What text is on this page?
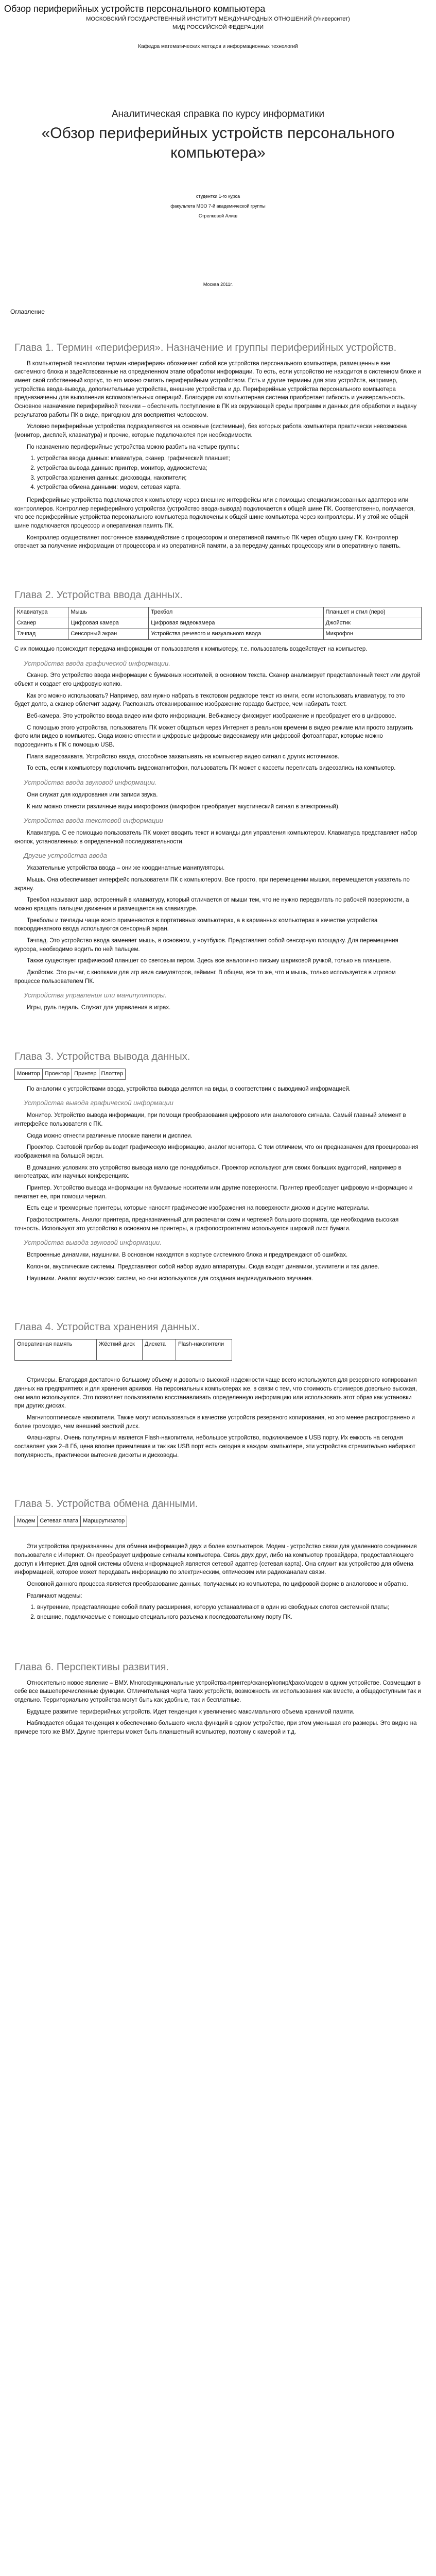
Обзор периферийных устройств персонального компьютера
МОСКОВСКИЙ ГОСУДАРСТВЕННЫЙ ИНСТИТУТ МЕЖДУНАРОДНЫХ ОТНОШЕНИЙ (Университет)
МИД РОССИЙСКОЙ ФЕДЕРАЦИИ
Кафедра математических методов и информационных технологий
Аналитическая справка по курсу информатики
«Обзор периферийных устройств персонального компьютера»
студентки 1-го курса
факультета МЭО 7-й академической группы
Стрелковой Алиш
Москва 2011г.
Оглавление
Глава 1. Термин «периферия». Назначение и группы периферийных устройств.

В компьютерной технологии термин «периферия» обозначает собой все устройства персонального компьютера, размещенные вне системного блока и задействованные на определенном этапе обработки информации. То есть, если устройство не находится в системном блоке и имеет свой собственный корпус, то его можно считать периферийным устройством. Есть и другие термины для этих устройств, например, устройства ввода-вывода, дополнительные устройства, внешние устройства и др. Периферийные устройства персонального компьютера предназначены для выполнения вспомогательных операций. Благодаря им компьютерная система приобретает гибкость и универсальность. Основное назначение периферийной техники – обеспечить поступление в ПК из окружающей среды программ и данных для обработки и выдачу результатов работы ПК в виде, пригодном для восприятия человеком.

Условно периферийные устройства подразделяются на основные (системные), без которых работа компьютера практически невозможна (монитор, дисплей, клавиатура) и прочие, которые подключаются при необходимости.

По назначению периферийные устройства можно разбить на четыре группы:

1. устройства ввода данных: клавиатура, сканер, графический планшет;
2. устройства вывода данных: принтер, монитор, аудиосистема;
3. устройства хранения данных: дисководы, накопители;
4. устройства обмена данными: модем, сетевая карта.

Периферийные устройства подключаются к компьютеру через внешние интерфейсы или с помощью специализированных адаптеров или контроллеров. Контроллер периферийного устройства (устройство ввода-вывода) подключается к общей шине ПК. Соответственно, получается, что все периферийные устройства персонального компьютера подключены к общей шине компьютера через контроллеры. И у этой же общей шине подключается процессор и оперативная память ПК.

Контроллер осуществляет постоянное взаимодействие с процессором и оперативной памятью ПК через общую шину ПК. Контроллер отвечает за получение информации от процессора и из оперативной памяти, а за передачу данных процессору или в оперативную память.

Глава 2. Устройства ввода данных.
Клавиатура	Мышь	Трекбол	Планшет и стил (перо)
Сканер	Цифровая камера	Цифровая видеокамера	Джойстик
Тачпад	Сенсорный экран	Устройства речевого и визуального ввода	Микрофон

С их помощью происходит передача информации от пользователя к компьютеру, т.е. пользователь воздействует на компьютер.

Устройства ввода графической информации.

Сканер. Это устройство ввода информации с бумажных носителей, в основном текста. Сканер анализирует представленный текст или другой объект и создает его цифровую копию.

Как это можно использовать? Например, вам нужно набрать в текстовом редакторе текст из книги, если использовать клавиатуру, то это будет долго, а сканер облегчит задачу. Распознать отсканированное изображение гораздо быстрее, чем набирать текст.

Веб-камера. Это устройство ввода видео или фото информации. Веб-камеру фиксирует изображение и преобразует его в цифровое.

С помощью этого устройства, пользователь ПК может общаться через Интернет в реальном времени в видео режиме или просто загрузить фото или видео в компьютер. Сюда можно отнести и цифровые цифровые видеокамеру или цифровой фотоаппарат, которые можно подсоединить к ПК с помощью USB.

Плата видеозахвата. Устройство ввода, способное захватывать на компьютер видео сигнал с других источников.

То есть, если к компьютеру подключить видеомагнитофон, пользователь ПК может с кассеты переписать видеозапись на компьютер.

Устройства ввода звуковой информации.

Они служат для кодирования или записи звука.

К ним можно отнести различные виды микрофонов (микрофон преобразует акустический сигнал в электронный).

Устройства ввода текстовой информации

Клавиатура. С ее помощью пользователь ПК может вводить текст и команды для управления компьютером. Клавиатура представляет набор кнопок, установленных в определенной последовательности.

Другие устройства ввода

Указательные устройства ввода – они же координатные манипуляторы.

Мышь. Она обеспечивает интерфейс пользователя ПК с компьютером. Все просто, при перемещении мышки, перемещается указатель по экрану.

Трекбол называют шар, встроенный в клавиатуру, который отличается от мыши тем, что не нужно передвигать по рабочей поверхности, а можно вращать пальцем движения и размещается на клавиатуре.

Трекболы и тачпады чаще всего применяются в портативных компьютерах, а в карманных компьютерах в качестве устройства покоординатного ввода используются сенсорный экран.

Тачпад. Это устройство ввода заменяет мышь, в основном, у ноутбуков. Представляет собой сенсорную площадку. Для перемещения курсора, необходимо водить по ней пальцем.

Также существует графический планшет со световым пером. Здесь все аналогично письму шариковой ручкой, только на планшете.

Джойстик. Это рычаг, с кнопками для игр авиа симуляторов, гейминг. В общем, все то же, что и мышь, только используется в игровом процессе пользователем ПК.

Устройства управления или манипуляторы.

Игры, руль педаль. Служат для управления в играх.

Глава 3. Устройства вывода данных.
Монитор	Проектор	Принтер	Плоттер

По аналогии с устройствами ввода, устройства вывода делятся на виды, в соответствии с выводимой информацией.

Устройства вывода графической информации

Монитор. Устройство вывода информации, при помощи преобразования цифрового или аналогового сигнала. Самый главный элемент в интерфейсе пользователя с ПК.

Сюда можно отнести различные плоские панели и дисплеи.

Проектор. Световой прибор выводит графическую информацию, аналог монитора. С тем отличием, что он предназначен для проецирования изображения на большой экран.

В домашних условиях это устройство вывода мало где понадобиться. Проектор используют для своих больших аудиторий, например в кинотеатрах, или научных конференциях.

Принтер. Устройство вывода информации на бумажные носители или другие поверхности. Принтер преобразует цифровую информацию и печатает ее, при помощи чернил.

Есть еще и трехмерные принтеры, которые наносят графические изображения на поверхности дисков и другие материалы.

Графопостроитель. Аналог принтера, предназначенный для распечатки схем и чертежей большого формата, где необходима высокая точность. Используют это устройство в основном не принтеры, а графопостроителям используется широкий лист бумаги.

Устройства вывода звуковой информации.

Встроенные динамики, наушники. В основном находятся в корпусе системного блока и предупреждают об ошибках.

Колонки, акустические системы. Представляют собой набор аудио аппаратуры. Сюда входят динамики, усилители и так далее.

Наушники. Аналог акустических систем, но они используются для создания индивидуального звучания.

Глава 4. Устройства хранения данных.
Оперативная память	Жёсткий диск	Дискета	Flash-накопители

Стримеры. Благодаря достаточно большому объему и довольно высокой надежности чаще всего используются для резервного копирования данных на предприятиях и для хранения архивов. На персональных компьютерах же, в связи с тем, что стоимость стримеров довольно высокая, они мало используются. Это позволяет пользователю восстанавливать определенную информацию или использовать этот образ как установки при других дисках.

Магнитооптические накопители. Также могут использоваться в качестве устройств резервного копирования, но это менее распространено и более громоздко, чем внешний жесткий диск.

Флэш-карты. Очень популярным является Flash-накопители, небольшое устройство, подключаемое к USB порту. Их емкость на сегодня составляет уже 2–8 Гб, цена вполне приемлемая и так как USB порт есть сегодня в каждом компьютере, эти устройства стремительно набирают популярность, практически вытеснив дискеты и дисководы.

Глава 5. Устройства обмена данными.
Модем	Сетевая плата	Маршрутизатор

Эти устройства предназначены для обмена информацией двух и более компьютеров. Модем - устройство связи для удаленного соединения пользователя с Интернет. Он преобразует цифровые сигналы компьютера. Связь двух друг, либо на компьютер провайдера, предоставляющего доступ к Интернет. Для одной системы обмена информацией является сетевой адаптер (сетевая карта). Она служит как устройство для обмена информацией, которое может передавать информацию по электрическим, оптическим или радиоканалам связи.

Основной данного процесса является преобразование данных, получаемых из компьютера, по цифровой форме в аналоговое и обратно.

Различают модемы:

1. внутренние, представляющие собой плату расширения, которую устанавливают в один из свободных слотов системной платы;
2. внешние, подключаемые с помощью специального разъема к последовательному порту ПК.
Глава 6. Перспективы развития.

Относительно новое явление – ВМУ. Многофункциональные устройства-принтер/сканер/копир/факс/модем в одном устройстве. Совмещают в себе все вышеперечисленные функции. Отличительная черта таких устройств, возможность их использования как вместе, а общедоступным так и отдельно. Территориально устройства могут быть как удобные, так и бесплатные.

Будущее развитие периферийных устройств. Идет тенденция к увеличению максимального объема хранимой памяти.

Наблюдается общая тенденция к обеспечению большего числа функций в одном устройстве, при этом уменьшая его размеры. Это видно на примере того же ВМУ. Другие принтеры может быть планшетный компьютер, поэтому с камерой и т.д.
